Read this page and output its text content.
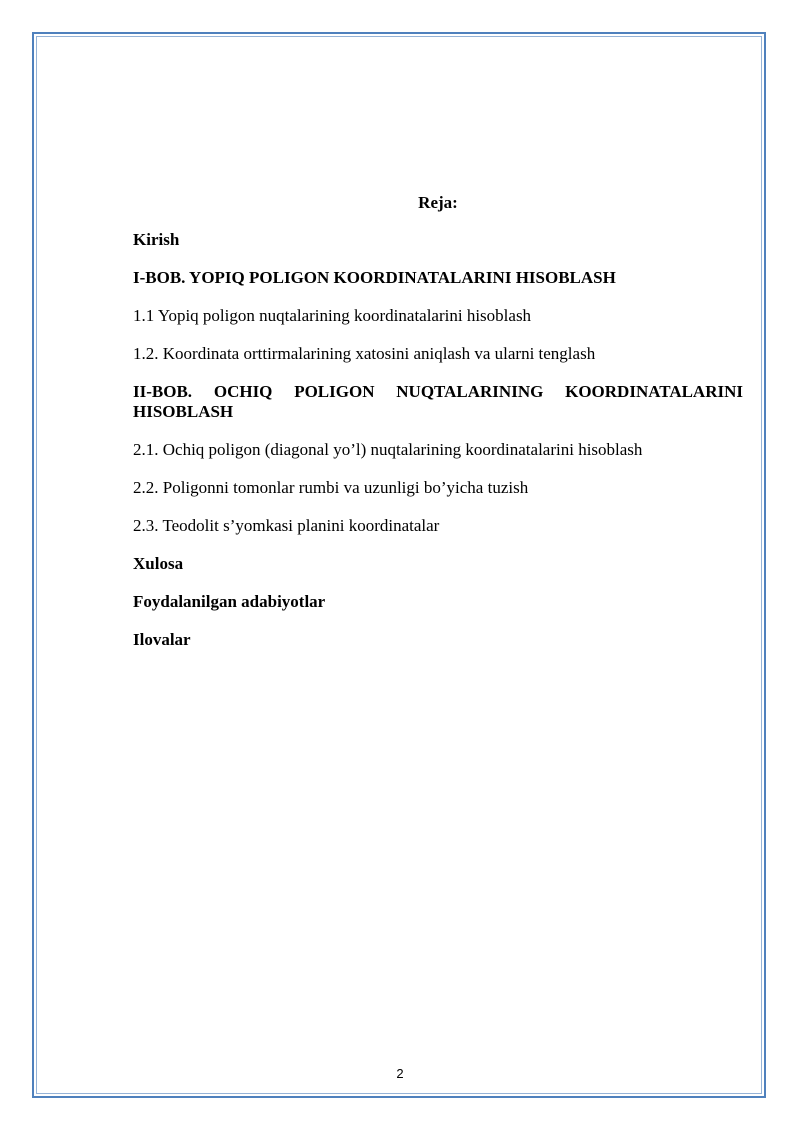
Reja:

Kirish

I-BOB. YOPIQ POLIGON KOORDINATALARINI HISOBLASH

1.1 Yopiq poligon nuqtalarining koordinatalarini hisoblash

1.2. Koordinata orttirmalarining xatosini aniqlash va ularni tenglash

II-BOB. OCHIQ POLIGON NUQTALARINING KOORDINATALARINI HISOBLASH

2.1. Ochiq poligon (diagonal yo’l) nuqtalarining koordinatalarini hisoblash

2.2. Poligonni tomonlar rumbi va uzunligi bo’yicha tuzish

2.3. Teodolit s’yomkasi planini koordinatalar

Xulosa

Foydalanilgan adabiyotlar

Ilovalar

2
